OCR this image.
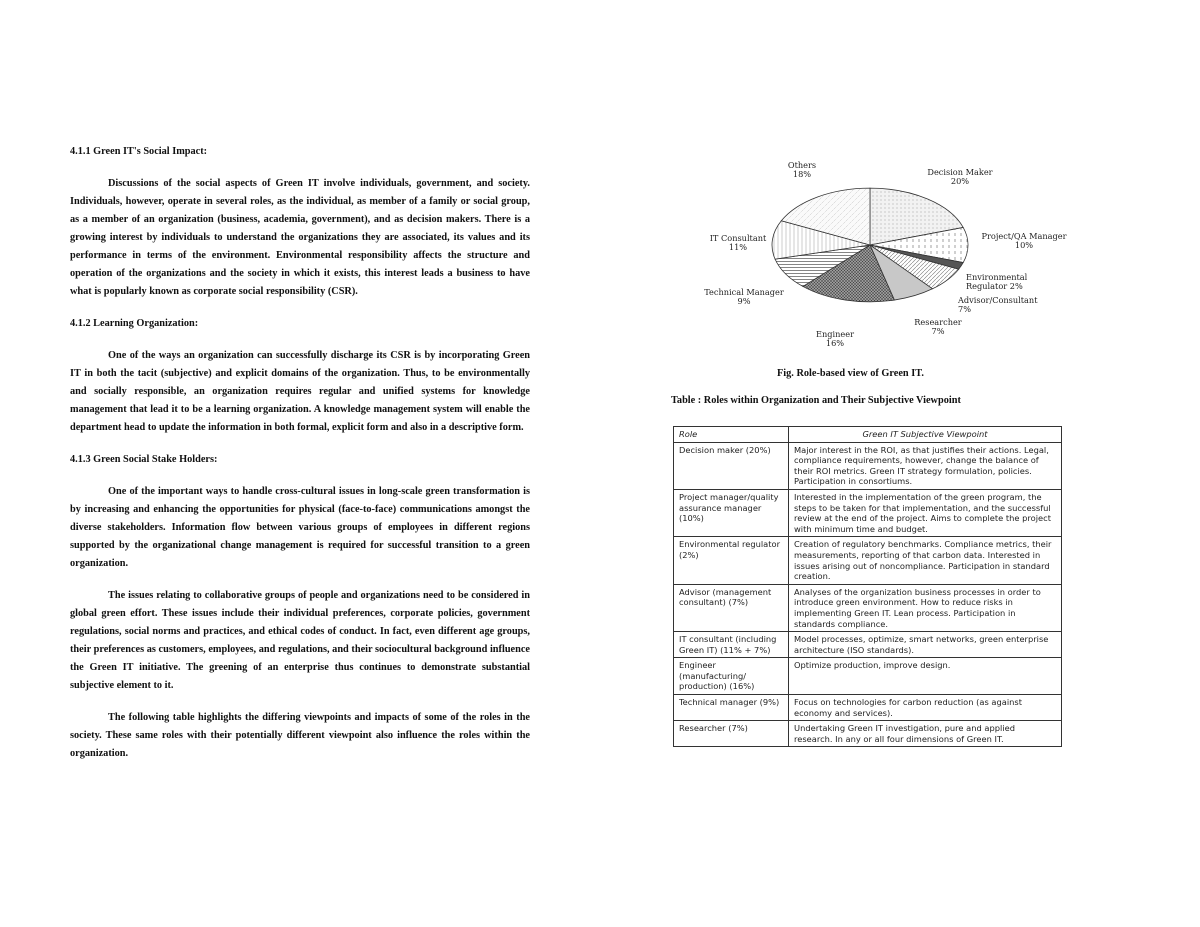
4.1.1 Green IT's Social Impact:

Discussions of the social aspects of Green IT involve individuals, government, and society. Individuals, however, operate in several roles, as the individual, as member of a family or social group, as a member of an organization (business, academia, government), and as decision makers. There is a growing interest by individuals to understand the organizations they are associated, its values and its performance in terms of the environment. Environmental responsibility affects the structure and operation of the organizations and the society in which it exists, this interest leads a business to have what is popularly known as corporate social responsibility (CSR).

4.1.2 Learning Organization:

One of the ways an organization can successfully discharge its CSR is by incorporating Green IT in both the tacit (subjective) and explicit domains of the organization. Thus, to be environmentally and socially responsible, an organization requires regular and unified systems for knowledge management that lead it to be a learning organization. A knowledge management system will enable the department head to update the information in both formal, explicit form and also in a descriptive form.

4.1.3 Green Social Stake Holders:

One of the important ways to handle cross-cultural issues in long-scale green transformation is by increasing and enhancing the opportunities for physical (face-to-face) communications amongst the diverse stakeholders. Information flow between various groups of employees in different regions supported by the organizational change management is required for successful transition to a green organization.

The issues relating to collaborative groups of people and organizations need to be considered in global green effort. These issues include their individual preferences, corporate policies, government regulations, social norms and practices, and ethical codes of conduct. In fact, even different age groups, their preferences as customers, employees, and regulations, and their sociocultural background influence the Green IT initiative. The greening of an enterprise thus continues to demonstrate substantial subjective element to it.

The following table highlights the differing viewpoints and impacts of some of the roles in the society. These same roles with their potentially different viewpoint also influence the roles within the organization.

Decision Maker 20%
Project/QA Manager 10%
Environmental Regulator 2%
Advisor/Consultant 7%
Researcher 7%
Engineer 16%
Technical Manager 9%
IT Consultant 11%
Others 18%
Fig. Role-based view of Green IT.
Table : Roles within Organization and Their Subjective Viewpoint
Role	Green IT Subjective Viewpoint
Decision maker (20%)	Major interest in the ROI, as that justifies their actions. Legal, compliance requirements, however, change the balance of their ROI metrics. Green IT strategy formulation, policies. Participation in consortiums.
Project manager/quality assurance manager (10%)	Interested in the implementation of the green program, the steps to be taken for that implementation, and the successful review at the end of the project. Aims to complete the project with minimum time and budget.
Environmental regulator (2%)	Creation of regulatory benchmarks. Compliance metrics, their measurements, reporting of that carbon data. Interested in issues arising out of noncompliance. Participation in standard creation.
Advisor (management consultant) (7%)	Analyses of the organization business processes in order to introduce green environment. How to reduce risks in implementing Green IT. Lean process. Participation in standards compliance.
IT consultant (including Green IT) (11% + 7%)	Model processes, optimize, smart networks, green enterprise architecture (ISO standards).
Engineer (manufacturing/ production) (16%)	Optimize production, improve design.
Technical manager (9%)	Focus on technologies for carbon reduction (as against economy and services).
Researcher (7%)	Undertaking Green IT investigation, pure and applied research. In any or all four dimensions of Green IT.
